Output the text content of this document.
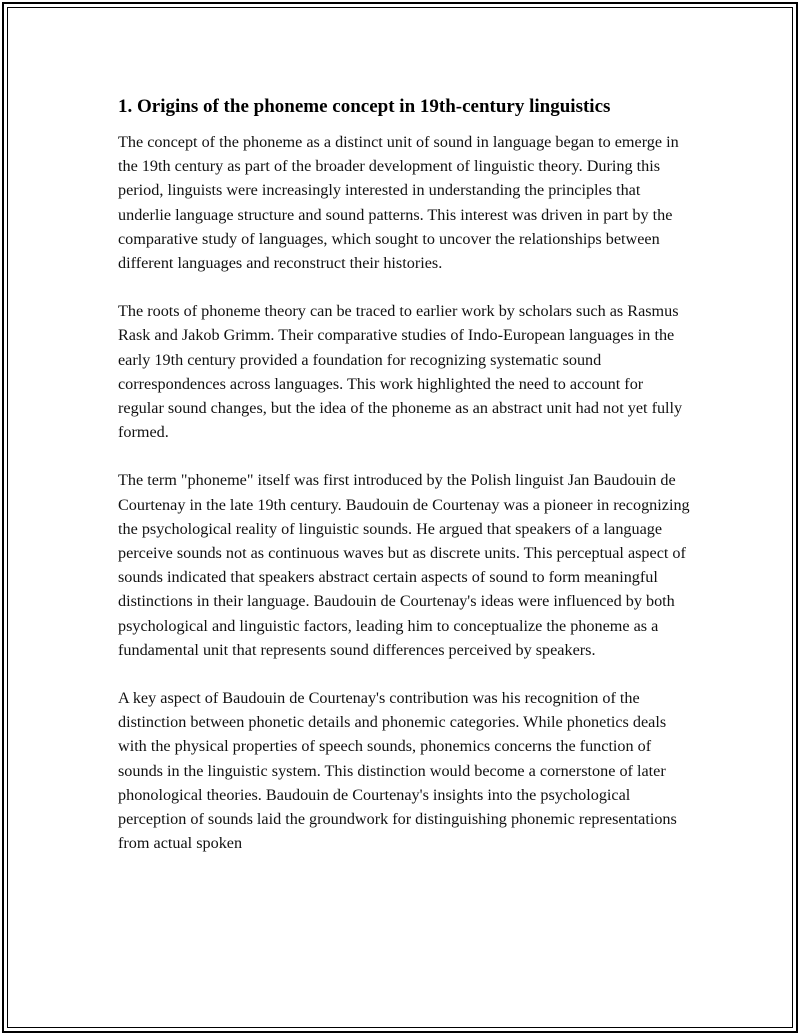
1. Origins of the phoneme concept in 19th-century linguistics

The concept of the phoneme as a distinct unit of sound in language began to emerge in the 19th century as part of the broader development of linguistic theory. During this period, linguists were increasingly interested in understanding the principles that underlie language structure and sound patterns. This interest was driven in part by the comparative study of languages, which sought to uncover the relationships between different languages and reconstruct their histories.

The roots of phoneme theory can be traced to earlier work by scholars such as Rasmus Rask and Jakob Grimm. Their comparative studies of Indo-European languages in the early 19th century provided a foundation for recognizing systematic sound correspondences across languages. This work highlighted the need to account for regular sound changes, but the idea of the phoneme as an abstract unit had not yet fully formed.

The term "phoneme" itself was first introduced by the Polish linguist Jan Baudouin de Courtenay in the late 19th century. Baudouin de Courtenay was a pioneer in recognizing the psychological reality of linguistic sounds. He argued that speakers of a language perceive sounds not as continuous waves but as discrete units. This perceptual aspect of sounds indicated that speakers abstract certain aspects of sound to form meaningful distinctions in their language. Baudouin de Courtenay's ideas were influenced by both psychological and linguistic factors, leading him to conceptualize the phoneme as a fundamental unit that represents sound differences perceived by speakers.

A key aspect of Baudouin de Courtenay's contribution was his recognition of the distinction between phonetic details and phonemic categories. While phonetics deals with the physical properties of speech sounds, phonemics concerns the function of sounds in the linguistic system. This distinction would become a cornerstone of later phonological theories. Baudouin de Courtenay's insights into the psychological perception of sounds laid the groundwork for distinguishing phonemic representations from actual spoken
